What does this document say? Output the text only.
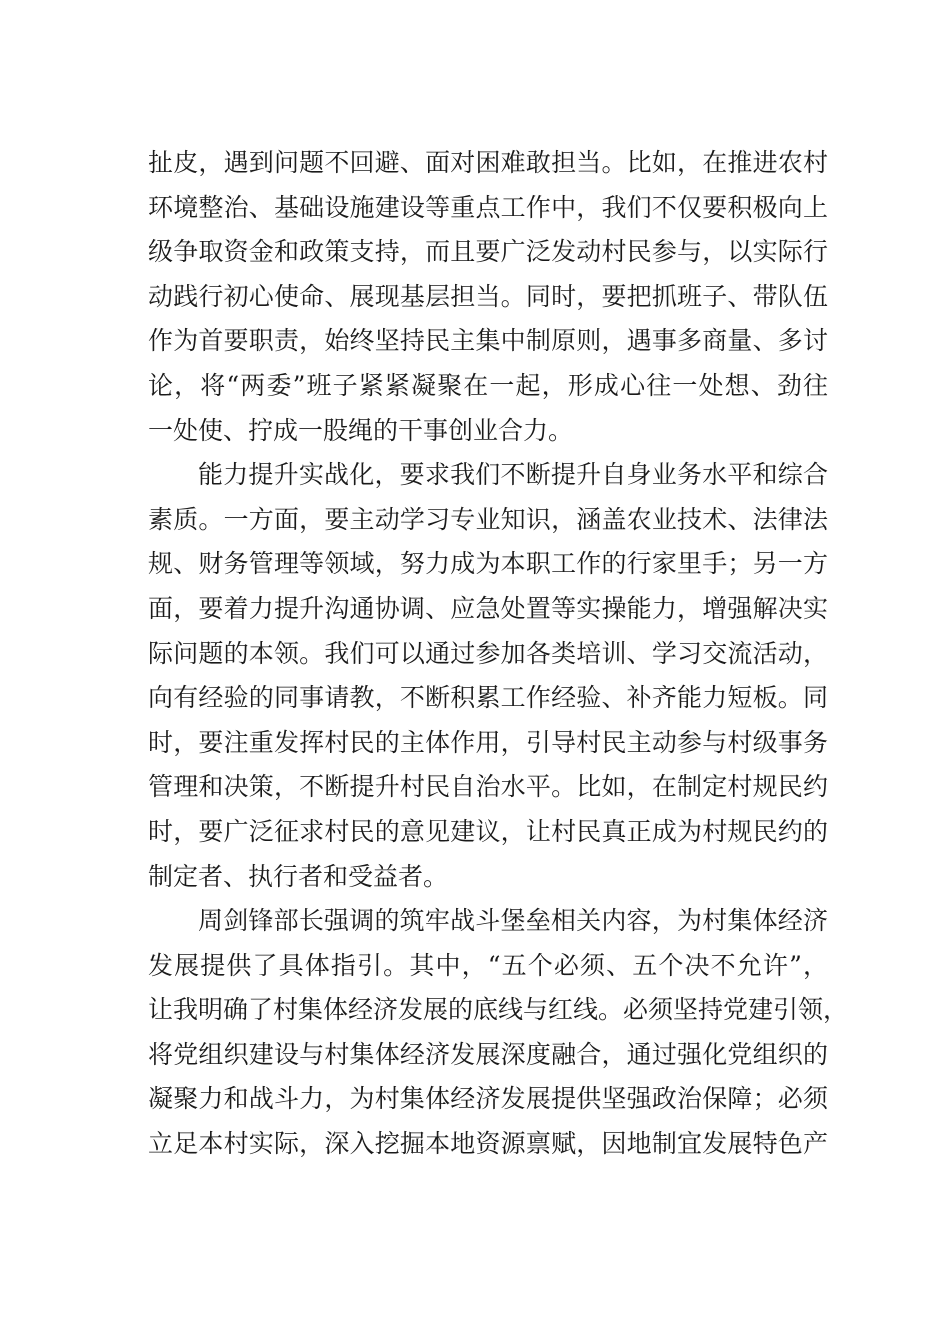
扯皮，遇到问题不回避、面对困难敢担当。比如，在推进农村
环境整治、基础设施建设等重点工作中，我们不仅要积极向上
级争取资金和政策支持，而且要广泛发动村民参与，以实际行
动践行初心使命、展现基层担当。同时，要把抓班子、带队伍
作为首要职责，始终坚持民主集中制原则，遇事多商量、多讨
论，将“两委”班子紧紧凝聚在一起，形成心往一处想、劲往
一处使、拧成一股绳的干事创业合力。
能力提升实战化，要求我们不断提升自身业务水平和综合
素质。一方面，要主动学习专业知识，涵盖农业技术、法律法
规、财务管理等领域，努力成为本职工作的行家里手；另一方
面，要着力提升沟通协调、应急处置等实操能力，增强解决实
际问题的本领。我们可以通过参加各类培训、学习交流活动，
向有经验的同事请教，不断积累工作经验、补齐能力短板。同
时，要注重发挥村民的主体作用，引导村民主动参与村级事务
管理和决策，不断提升村民自治水平。比如，在制定村规民约
时，要广泛征求村民的意见建议，让村民真正成为村规民约的
制定者、执行者和受益者。
周剑锋部长强调的筑牢战斗堡垒相关内容，为村集体经济
发展提供了具体指引。其中，“五个必须、五个决不允许”，
让我明确了村集体经济发展的底线与红线。必须坚持党建引领，
将党组织建设与村集体经济发展深度融合，通过强化党组织的
凝聚力和战斗力，为村集体经济发展提供坚强政治保障；必须
立足本村实际，深入挖掘本地资源禀赋，因地制宜发展特色产
